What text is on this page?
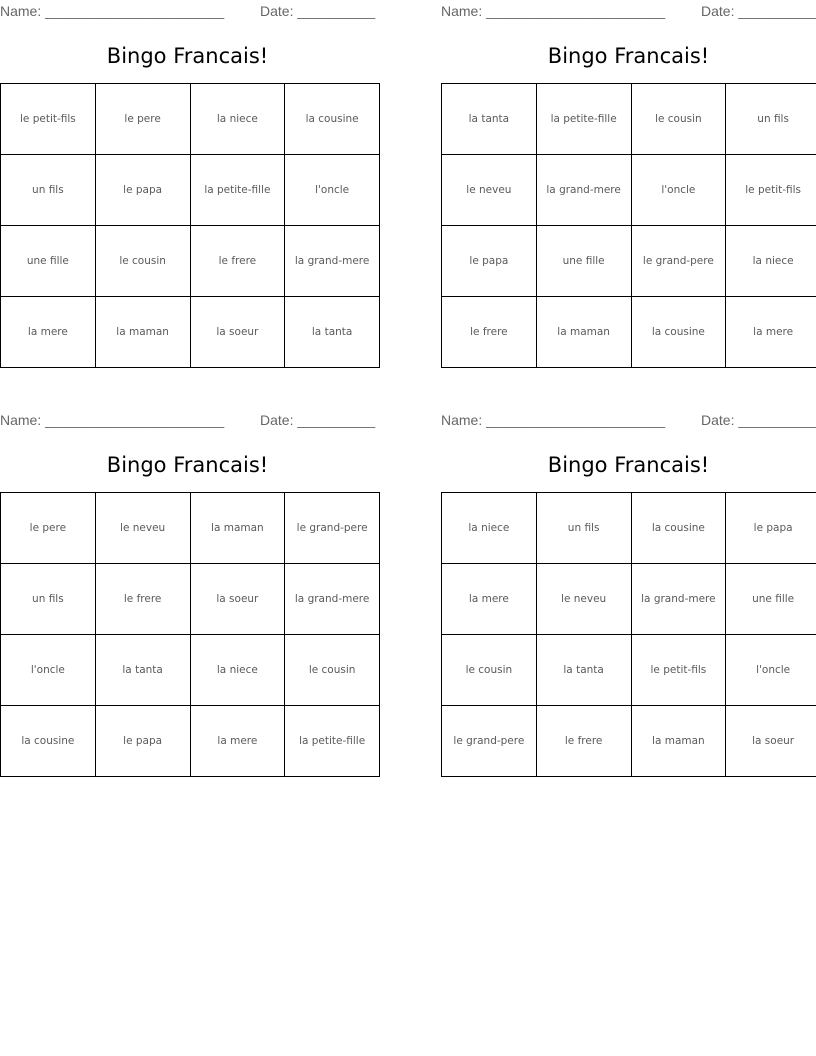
Name: _______________________	Date: __________
Bingo Francais!
le petit-fils	le pere	la niece	la cousine
un fils	le papa	la petite-fille	l'oncle
une fille	le cousin	le frere	la grand-mere
la mere	la maman	la soeur	la tanta
Name: _______________________	Date: __________
Bingo Francais!
la tanta	la petite-fille	le cousin	un fils
le neveu	la grand-mere	l'oncle	le petit-fils
le papa	une fille	le grand-pere	la niece
le frere	la maman	la cousine	la mere
Name: _______________________	Date: __________
Bingo Francais!
le pere	le neveu	la maman	le grand-pere
un fils	le frere	la soeur	la grand-mere
l'oncle	la tanta	la niece	le cousin
la cousine	le papa	la mere	la petite-fille
Name: _______________________	Date: __________
Bingo Francais!
la niece	un fils	la cousine	le papa
la mere	le neveu	la grand-mere	une fille
le cousin	la tanta	le petit-fils	l'oncle
le grand-pere	le frere	la maman	la soeur
